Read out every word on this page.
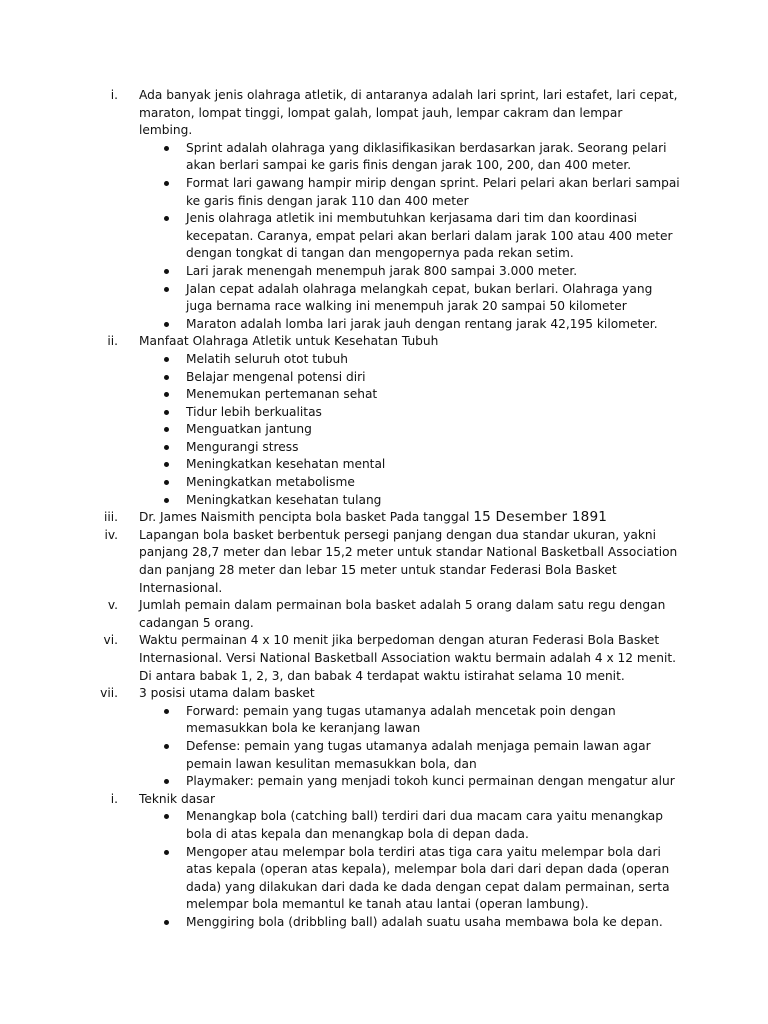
i. Ada banyak jenis olahraga atletik, di antaranya adalah lari sprint, lari estafet, lari cepat, maraton, lompat tinggi, lompat galah, lompat jauh, lempar cakram dan lempar lembing.
Sprint adalah olahraga yang diklasifikasikan berdasarkan jarak. Seorang pelari akan berlari sampai ke garis finis dengan jarak 100, 200, dan 400 meter.
Format lari gawang hampir mirip dengan sprint. Pelari pelari akan berlari sampai ke garis finis dengan jarak 110 dan 400 meter
Jenis olahraga atletik ini membutuhkan kerjasama dari tim dan koordinasi kecepatan. Caranya, empat pelari akan berlari dalam jarak 100 atau 400 meter dengan tongkat di tangan dan mengopernya pada rekan setim.
Lari jarak menengah menempuh jarak 800 sampai 3.000 meter.
Jalan cepat adalah olahraga melangkah cepat, bukan berlari. Olahraga yang juga bernama race walking ini menempuh jarak 20 sampai 50 kilometer
Maraton adalah lomba lari jarak jauh dengan rentang jarak 42,195 kilometer.
ii. Manfaat Olahraga Atletik untuk Kesehatan Tubuh
Melatih seluruh otot tubuh
Belajar mengenal potensi diri
Menemukan pertemanan sehat
Tidur lebih berkualitas
Menguatkan jantung
Mengurangi stress
Meningkatkan kesehatan mental
Meningkatkan metabolisme
Meningkatkan kesehatan tulang
iii. Dr. James Naismith pencipta bola basket Pada tanggal 15 Desember 1891
iv. Lapangan bola basket berbentuk persegi panjang dengan dua standar ukuran, yakni panjang 28,7 meter dan lebar 15,2 meter untuk standar National Basketball Association dan panjang 28 meter dan lebar 15 meter untuk standar Federasi Bola Basket Internasional.
v. Jumlah pemain dalam permainan bola basket adalah 5 orang dalam satu regu dengan cadangan 5 orang.
vi. Waktu permainan 4 x 10 menit jika berpedoman dengan aturan Federasi Bola Basket Internasional. Versi National Basketball Association waktu bermain adalah 4 x 12 menit. Di antara babak 1, 2, 3, dan babak 4 terdapat waktu istirahat selama 10 menit.
vii. 3 posisi utama dalam basket
Forward: pemain yang tugas utamanya adalah mencetak poin dengan memasukkan bola ke keranjang lawan
Defense: pemain yang tugas utamanya adalah menjaga pemain lawan agar pemain lawan kesulitan memasukkan bola, dan
Playmaker: pemain yang menjadi tokoh kunci permainan dengan mengatur alur
i. Teknik dasar
Menangkap bola (catching ball) terdiri dari dua macam cara yaitu menangkap bola di atas kepala dan menangkap bola di depan dada.
Mengoper atau melempar bola terdiri atas tiga cara yaitu melempar bola dari atas kepala (operan atas kepala), melempar bola dari dari depan dada (operan dada) yang dilakukan dari dada ke dada dengan cepat dalam permainan, serta melempar bola memantul ke tanah atau lantai (operan lambung).
Menggiring bola (dribbling ball) adalah suatu usaha membawa bola ke depan.
